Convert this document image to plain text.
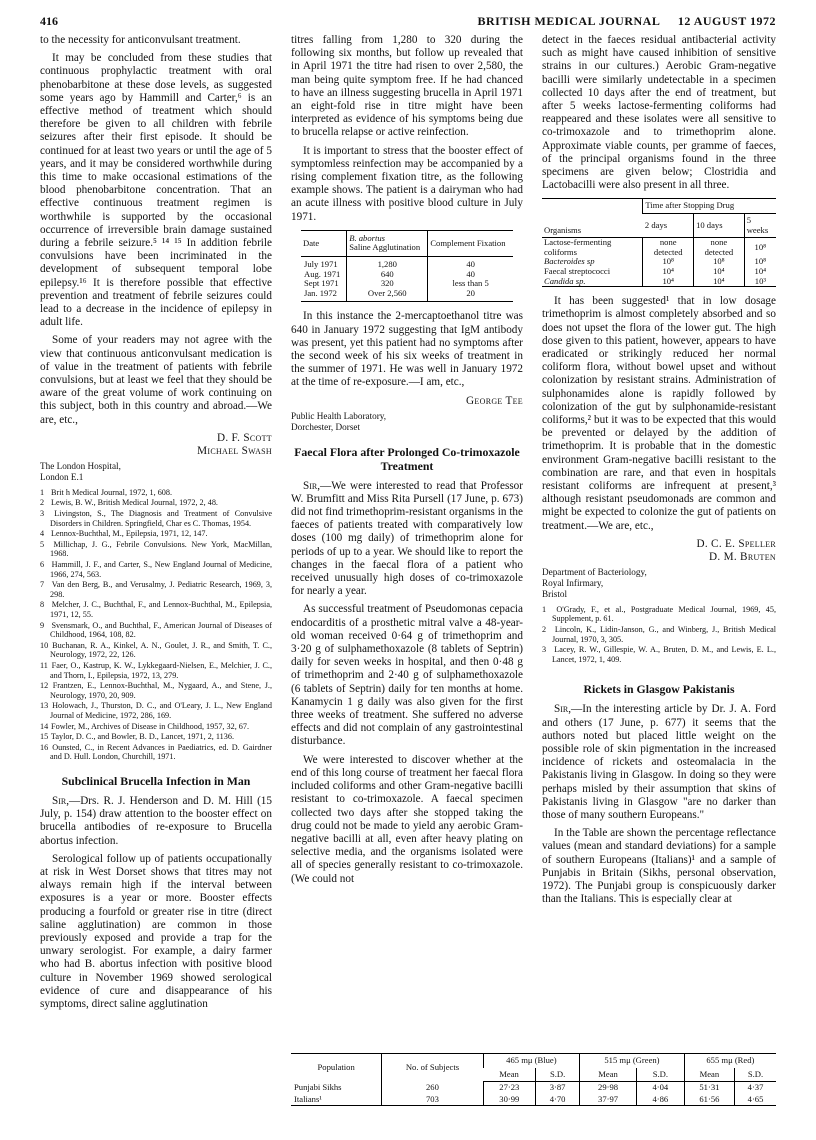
416	BRITISH MEDICAL JOURNAL 12 AUGUST 1972

to the necessity for anticonvulsant treatment.

It may be concluded from these studies that continuous prophylactic treatment with oral phenobarbitone at these dose levels, as suggested some years ago by Hammill and Carter,⁶ is an effective method of treatment which should therefore be given to all children with febrile seizures after their first episode. It should be continued for at least two years or until the age of 5 years, and it may be considered worthwhile during this time to make occasional estimations of the blood phenobarbitone concentration. That an effective continuous treatment regimen is worthwhile is supported by the occasional occurrence of irreversible brain damage sustained during a febrile seizure.⁵ ¹⁴ ¹⁵ In addition febrile convulsions have been incriminated in the development of subsequent temporal lobe epilepsy.¹⁶ It is therefore possible that effective prevention and treatment of febrile seizures could lead to a decrease in the incidence of epilepsy in adult life.

Some of your readers may not agree with the view that continuous anticonvulsant medication is of value in the treatment of patients with febrile convulsions, but at least we feel that they should be aware of the great volume of work continuing on this subject, both in this country and abroad.—We are, etc.,

D. F. Scott

Michael Swash

The London Hospital,
London E.1
1 Brit h Medical Journal, 1972, 1, 608.
2 Lewis, B. W., British Medical Journal, 1972, 2, 48.
3 Livingston, S., The Diagnosis and Treatment of Convulsive Disorders in Children. Springfield, Char es C. Thomas, 1954.
4 Lennox-Buchthal, M., Epilepsia, 1971, 12, 147.
5 Millichap, J. G., Febrile Convulsions. New York, MacMillan, 1968.
6 Hammill, J. F., and Carter, S., New England Journal of Medicine, 1966, 274, 563.
7 Van den Berg, B., and Verusalmy, J. Pediatric Research, 1969, 3, 298.
8 Melcher, J. C., Buchthal, F., and Lennox-Buchthal, M., Epilepsia, 1971, 12, 55.
9 Svensmark, O., and Buchthal, F., American Journal of Diseases of Childhood, 1964, 108, 82.
10 Buchanan, R. A., Kinkel, A. N., Goulet, J. R., and Smith, T. C., Neurology, 1972, 22, 126.
11 Faer, O., Kastrup, K. W., Lykkegaard-Nielsen, E., Melchier, J. C., and Thorn, I., Epilepsia, 1972, 13, 279.
12 Frantzen, E., Lennox-Buchthal, M., Nygaard, A., and Stene, J., Neurology, 1970, 20, 909.
13 Holowach, J., Thurston, D. C., and O'Leary, J. L., New England Journal of Medicine, 1972, 286, 169.
14 Fowler, M., Archives of Disease in Childhood, 1957, 32, 67.
15 Taylor, D. C., and Bowler, B. D., Lancet, 1971, 2, 1136.
16 Ounsted, C., in Recent Advances in Paediatrics, ed. D. Gairdner and D. Hull. London, Churchill, 1971.
Subclinical Brucella Infection in Man

Sir,—Drs. R. J. Henderson and D. M. Hill (15 July, p. 154) draw attention to the booster effect on brucella antibodies of re-exposure to Brucella abortus infection.

Serological follow up of patients occupationally at risk in West Dorset shows that titres may not always remain high if the interval between exposures is a year or more. Booster effects producing a fourfold or greater rise in titre (direct saline agglutination) are common in those previously exposed and provide a trap for the unwary serologist. For example, a dairy farmer who had B. abortus infection with positive blood culture in November 1969 showed serological evidence of cure and disappearance of his symptoms, direct saline agglutination

titres falling from 1,280 to 320 during the following six months, but follow up revealed that in April 1971 the titre had risen to over 2,580, the man being quite symptom free. If he had chanced to have an illness suggesting brucella in April 1971 an eight-fold rise in titre might have been interpreted as evidence of his symptoms being due to brucella relapse or active reinfection.

It is important to stress that the booster effect of symptomless reinfection may be accompanied by a rising complement fixation titre, as the following example shows. The patient is a dairyman who had an acute illness with positive blood culture in July 1971.

Date	B. abortus
Saline Agglutination	Complement Fixation
July 1971	1,280	40
Aug. 1971	640	40
Sept 1971	320	less than 5
Jan. 1972	Over 2,560	20

In this instance the 2-mercaptoethanol titre was 640 in January 1972 suggesting that IgM antibody was present, yet this patient had no symptoms after the second week of his six weeks of treatment in the summer of 1971. He was well in January 1972 at the time of re-exposure.—I am, etc.,

George Tee

Public Health Laboratory,
Dorchester, Dorset
Faecal Flora after Prolonged Co-trimoxazole Treatment

Sir,—We were interested to read that Professor W. Brumfitt and Miss Rita Pursell (17 June, p. 673) did not find trimethoprim-resistant organisms in the faeces of patients treated with comparatively low doses (100 mg daily) of trimethoprim alone for periods of up to a year. We should like to report the changes in the faecal flora of a patient who received unusually high doses of co-trimoxazole for nearly a year.

As successful treatment of Pseudomonas cepacia endocarditis of a prosthetic mitral valve a 48-year-old woman received 0·64 g of trimethoprim and 3·20 g of sulphamethoxazole (8 tablets of Septrin) daily for seven weeks in hospital, and then 0·48 g of trimethoprim and 2·40 g of sulphamethoxazole (6 tablets of Septrin) daily for ten months at home. Kanamycin 1 g daily was also given for the first three weeks of treatment. She suffered no adverse effects and did not complain of any gastrointestinal disturbance.

We were interested to discover whether at the end of this long course of treatment her faecal flora included coliforms and other Gram-negative bacilli resistant to co-trimoxazole. A faecal specimen collected two days after she stopped taking the drug could not be made to yield any aerobic Gram-negative bacilli at all, even after heavy plating on selective media, and the organisms isolated were all of species generally resistant to co-trimoxazole. (We could not

detect in the faeces residual antibacterial activity such as might have caused inhibition of sensitive strains in our cultures.) Aerobic Gram-negative bacilli were similarly undetectable in a specimen collected 10 days after the end of treatment, but after 5 weeks lactose-fermenting coliforms had reappeared and these isolates were all sensitive to co-trimoxazole and to trimethoprim alone. Approximate viable counts, per gramme of faeces, of the principal organisms found in the three specimens are given below; Clostridia and Lactobacilli were also present in all three.

Organisms	Time after Stopping Drug		
	2 days	10 days	5 weeks
Lactose-fermenting coliforms	none detected	none detected	10⁸
Bacteroides sp	10⁸	10⁸	10⁸
Faecal streptococci	10⁴	10⁴	10⁴
Candida sp.	10⁴	10⁴	10³

It has been suggested¹ that in low dosage trimethoprim is almost completely absorbed and so does not upset the flora of the lower gut. The high dose given to this patient, however, appears to have eradicated or strikingly reduced her normal coliform flora, without bowel upset and without colonization by resistant strains. Administration of sulphonamides alone is rapidly followed by colonization of the gut by sulphonamide-resistant coliforms,² but it was to be expected that this would be prevented or delayed by the addition of trimethoprim. It is probable that in the domestic environment Gram-negative bacilli resistant to the combination are rare, and that even in hospitals resistant coliforms are infrequent at present,³ although resistant pseudomonads are common and might be expected to colonize the gut of patients on treatment.—We are, etc.,

D. C. E. Speller

D. M. Bruten

Department of Bacteriology,
Royal Infirmary,
Bristol
1 O'Grady, F., et al., Postgraduate Medical Journal, 1969, 45, Supplement, p. 61.
2 Lincoln, K., Lidin-Janson, G., and Winberg, J., British Medical Journal, 1970, 3, 305.
3 Lacey, R. W., Gillespie, W. A., Bruten, D. M., and Lewis, E. L., Lancet, 1972, 1, 409.
Rickets in Glasgow Pakistanis

Sir,—In the interesting article by Dr. J. A. Ford and others (17 June, p. 677) it seems that the authors noted but placed little weight on the possible role of skin pigmentation in the increased incidence of rickets and osteomalacia in the Pakistanis living in Glasgow. In doing so they were perhaps misled by their assumption that skins of Pakistanis living in Glasgow "are no darker than those of many southern Europeans."

In the Table are shown the percentage reflectance values (mean and standard deviations) for a sample of southern Europeans (Italians)¹ and a sample of Punjabis in Britain (Sikhs, personal observation, 1972). The Punjabi group is conspicuously darker than the Italians. This is especially clear at

Population	No. of Subjects	465 mμ (Blue)		515 mμ (Green)		655 mμ (Red)	
		Mean	S.D.	Mean	S.D.	Mean	S.D.
Punjabi Sikhs	260	27·23	3·87	29·98	4·04	51·31	4·37
Italians¹	703	30·99	4·70	37·97	4·86	61·56	4·65
